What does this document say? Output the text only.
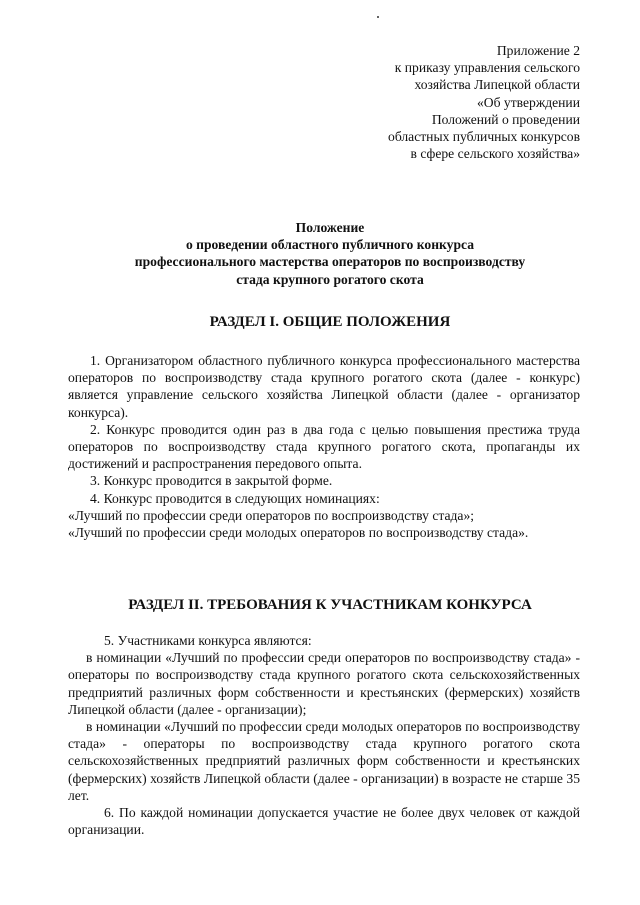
Приложение 2
к приказу управления сельского
хозяйства Липецкой области
«Об утверждении
Положений о проведении
областных публичных конкурсов
в сфере сельского хозяйства»
Положение
о проведении областного публичного конкурса
профессионального мастерства операторов по воспроизводству
стада крупного рогатого скота
РАЗДЕЛ I. ОБЩИЕ ПОЛОЖЕНИЯ
1. Организатором областного публичного конкурса профессионального мастерства операторов по воспроизводству стада крупного рогатого скота (далее - конкурс) является управление сельского хозяйства Липецкой области (далее - организатор конкурса).
2. Конкурс проводится один раз в два года с целью повышения престижа труда операторов по воспроизводству стада крупного рогатого скота, пропаганды их достижений и распространения передового опыта.
3. Конкурс проводится в закрытой форме.
4. Конкурс проводится в следующих номинациях:
«Лучший по профессии среди операторов по воспроизводству стада»;
«Лучший по профессии среди молодых операторов по воспроизводству стада».
РАЗДЕЛ II. ТРЕБОВАНИЯ К УЧАСТНИКАМ КОНКУРСА
5. Участниками конкурса являются:
в номинации «Лучший по профессии среди операторов по воспроизводству стада» - операторы по воспроизводству стада крупного рогатого скота сельскохозяйственных предприятий различных форм собственности и крестьянских (фермерских) хозяйств Липецкой области (далее - организации);
в номинации «Лучший по профессии среди молодых операторов по воспроизводству стада» - операторы по воспроизводству стада крупного рогатого скота сельскохозяйственных предприятий различных форм собственности и крестьянских (фермерских) хозяйств Липецкой области (далее - организации) в возрасте не старше 35 лет.
6. По каждой номинации допускается участие не более двух человек от каждой организации.
